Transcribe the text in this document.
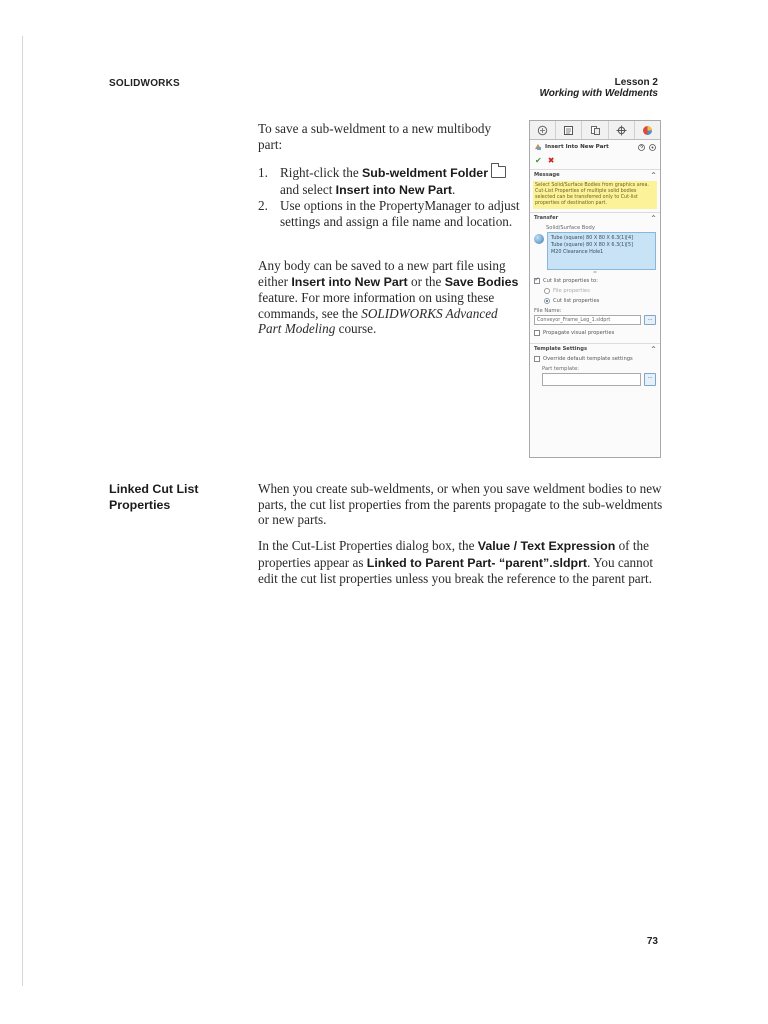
SOLIDWORKS	Lesson 2
Working with Weldments
To save a sub-weldment to a new multibody part:
1. Right-click the Sub-weldment Folder and select Insert into New Part.
2. Use options in the PropertyManager to adjust settings and assign a file name and location.
Any body can be saved to a new part file using either Insert into New Part or the Save Bodies feature. For more information on using these commands, see the SOLIDWORKS Advanced Part Modeling course.
Insert Into New Part
✔ ✖
Message	^
Select Solid/Surface Bodies from graphics area. Cut-List Properties of multiple solid bodies selected can be transferred only to Cut-list properties of destination part.
Transfer	^
Solid/Surface Body
Tube (square) 80 X 80 X 6.3(1)[4]
Tube (square) 80 X 80 X 6.3(1)[5]
M20 Clearance Hole1
=
✓
Cut list properties to:
File properties
Cut list properties
File Name:
Conveyor_Frame_Leg_1.sldprt	...
Propagate visual properties
Template Settings	^
Override default template settings
Part template:
...
Linked Cut List Properties
When you create sub-weldments, or when you save weldment bodies to new parts, the cut list properties from the parents propagate to the sub-weldments or new parts.
In the Cut-List Properties dialog box, the Value / Text Expression of the properties appear as Linked to Parent Part- “parent”.sldprt. You cannot edit the cut list properties unless you break the reference to the parent part.
73
